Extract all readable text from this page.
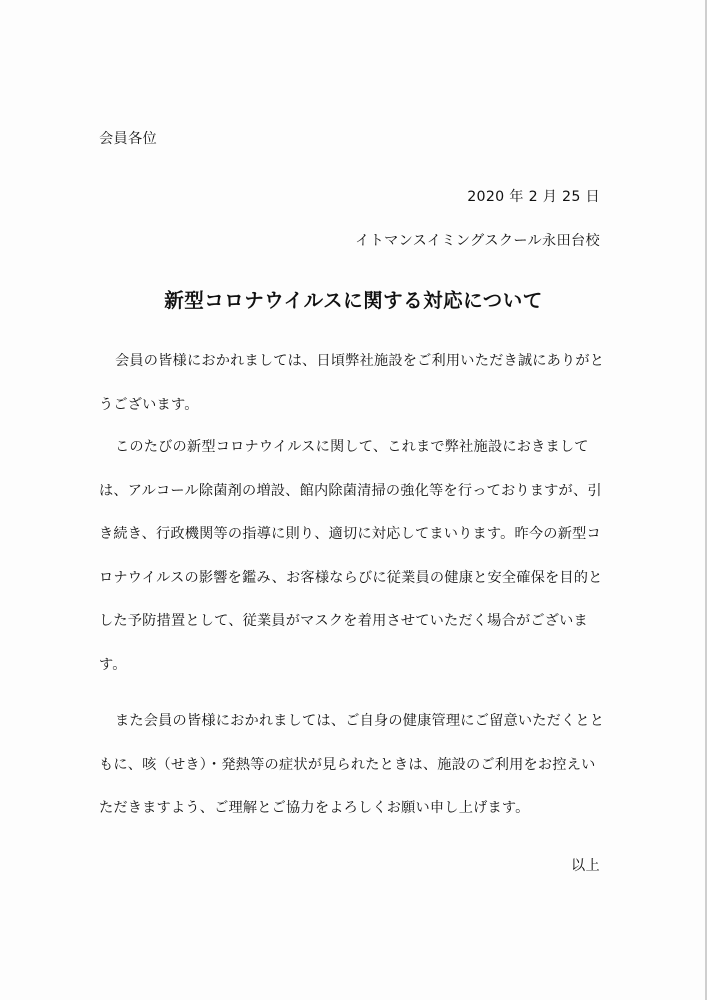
会員各位
2020 年 2 月 25 日
イトマンスイミングスクール永田台校
新型コロナウイルスに関する対応について
会員の皆様におかれましては、日頃弊社施設をご利用いただき誠にありがと
うございます。
このたびの新型コロナウイルスに関して、これまで弊社施設におきまして
は、アルコール除菌剤の増設、館内除菌清掃の強化等を行っておりますが、引
き続き、行政機関等の指導に則り、適切に対応してまいります。昨今の新型コ
ロナウイルスの影響を鑑み、お客様ならびに従業員の健康と安全確保を目的と
した予防措置として、従業員がマスクを着用させていただく場合がございま
す。
また会員の皆様におかれましては、ご自身の健康管理にご留意いただくとと
もに、咳（せき）・発熱等の症状が見られたときは、施設のご利用をお控えい
ただきますよう、ご理解とご協力をよろしくお願い申し上げます。
以上
